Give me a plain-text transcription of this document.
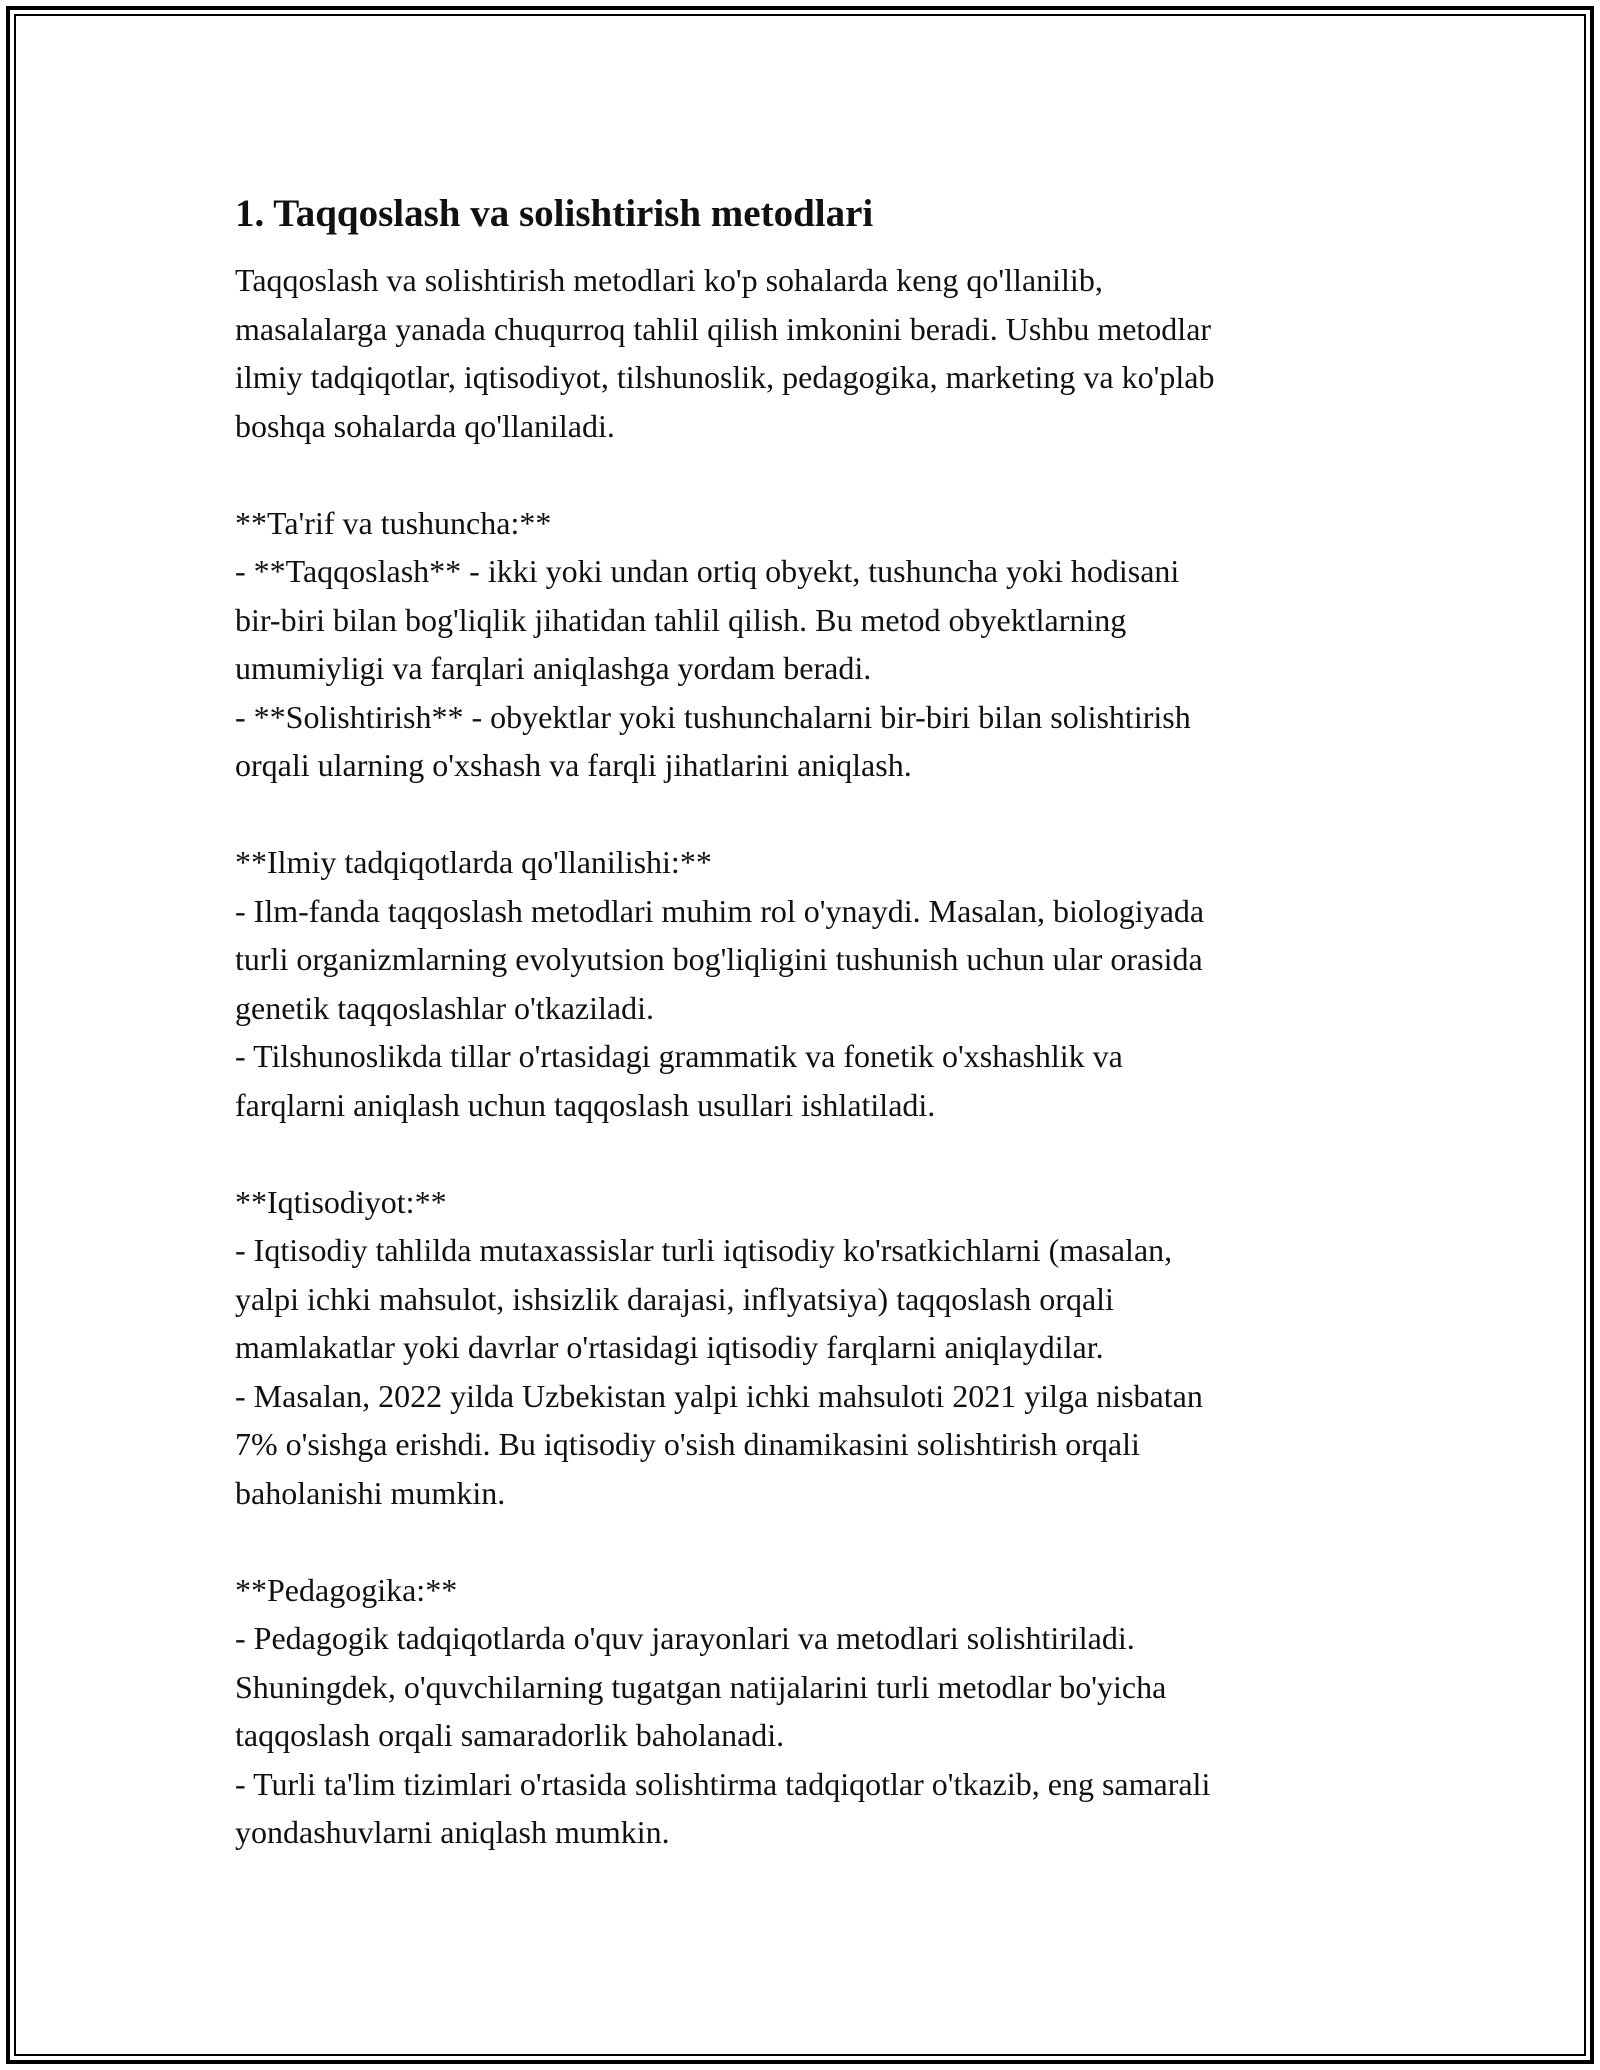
1. Taqqoslash va solishtirish metodlari
Taqqoslash va solishtirish metodlari ko'p sohalarda keng qo'llanilib,
masalalarga yanada chuqurroq tahlil qilish imkonini beradi. Ushbu metodlar
ilmiy tadqiqotlar, iqtisodiyot, tilshunoslik, pedagogika, marketing va ko'plab
boshqa sohalarda qo'llaniladi.
**Ta'rif va tushuncha:**
- **Taqqoslash** - ikki yoki undan ortiq obyekt, tushuncha yoki hodisani
bir-biri bilan bog'liqlik jihatidan tahlil qilish. Bu metod obyektlarning
umumiyligi va farqlari aniqlashga yordam beradi.
- **Solishtirish** - obyektlar yoki tushunchalarni bir-biri bilan solishtirish
orqali ularning o'xshash va farqli jihatlarini aniqlash.
**Ilmiy tadqiqotlarda qo'llanilishi:**
- Ilm-fanda taqqoslash metodlari muhim rol o'ynaydi. Masalan, biologiyada
turli organizmlarning evolyutsion bog'liqligini tushunish uchun ular orasida
genetik taqqoslashlar o'tkaziladi.
- Tilshunoslikda tillar o'rtasidagi grammatik va fonetik o'xshashlik va
farqlarni aniqlash uchun taqqoslash usullari ishlatiladi.
**Iqtisodiyot:**
- Iqtisodiy tahlilda mutaxassislar turli iqtisodiy ko'rsatkichlarni (masalan,
yalpi ichki mahsulot, ishsizlik darajasi, inflyatsiya) taqqoslash orqali
mamlakatlar yoki davrlar o'rtasidagi iqtisodiy farqlarni aniqlaydilar.
- Masalan, 2022 yilda Uzbekistan yalpi ichki mahsuloti 2021 yilga nisbatan
7% o'sishga erishdi. Bu iqtisodiy o'sish dinamikasini solishtirish orqali
baholanishi mumkin.
**Pedagogika:**
- Pedagogik tadqiqotlarda o'quv jarayonlari va metodlari solishtiriladi.
Shuningdek, o'quvchilarning tugatgan natijalarini turli metodlar bo'yicha
taqqoslash orqali samaradorlik baholanadi.
- Turli ta'lim tizimlari o'rtasida solishtirma tadqiqotlar o'tkazib, eng samarali
yondashuvlarni aniqlash mumkin.
